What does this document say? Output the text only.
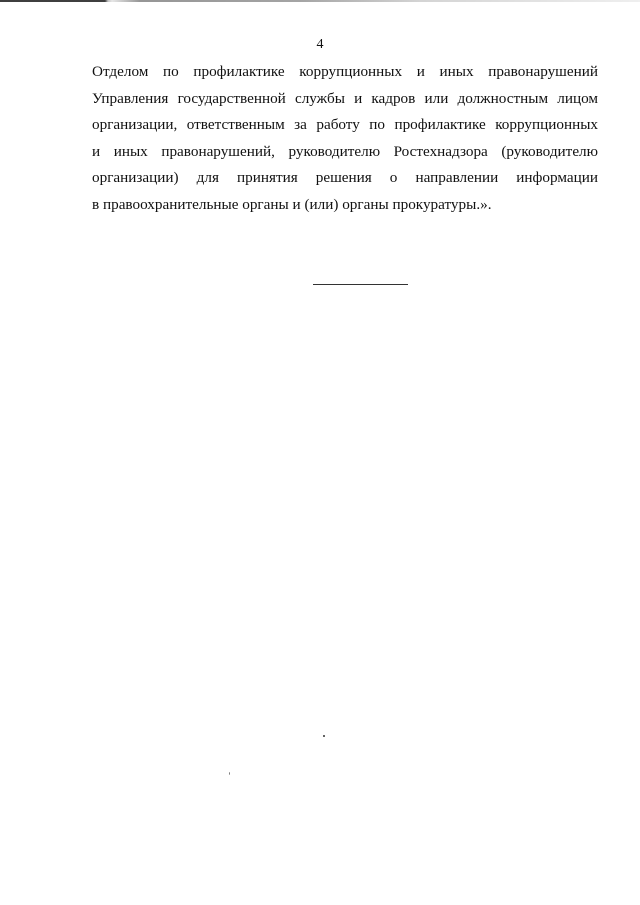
4
Отделом по профилактике коррупционных и иных правонарушений
Управления государственной службы и кадров или должностным лицом
организации, ответственным за работу по профилактике коррупционных
и иных правонарушений, руководителю Ростехнадзора (руководителю
организации) для принятия решения о направлении информации
в правоохранительные органы и (или) органы прокуратуры.».
